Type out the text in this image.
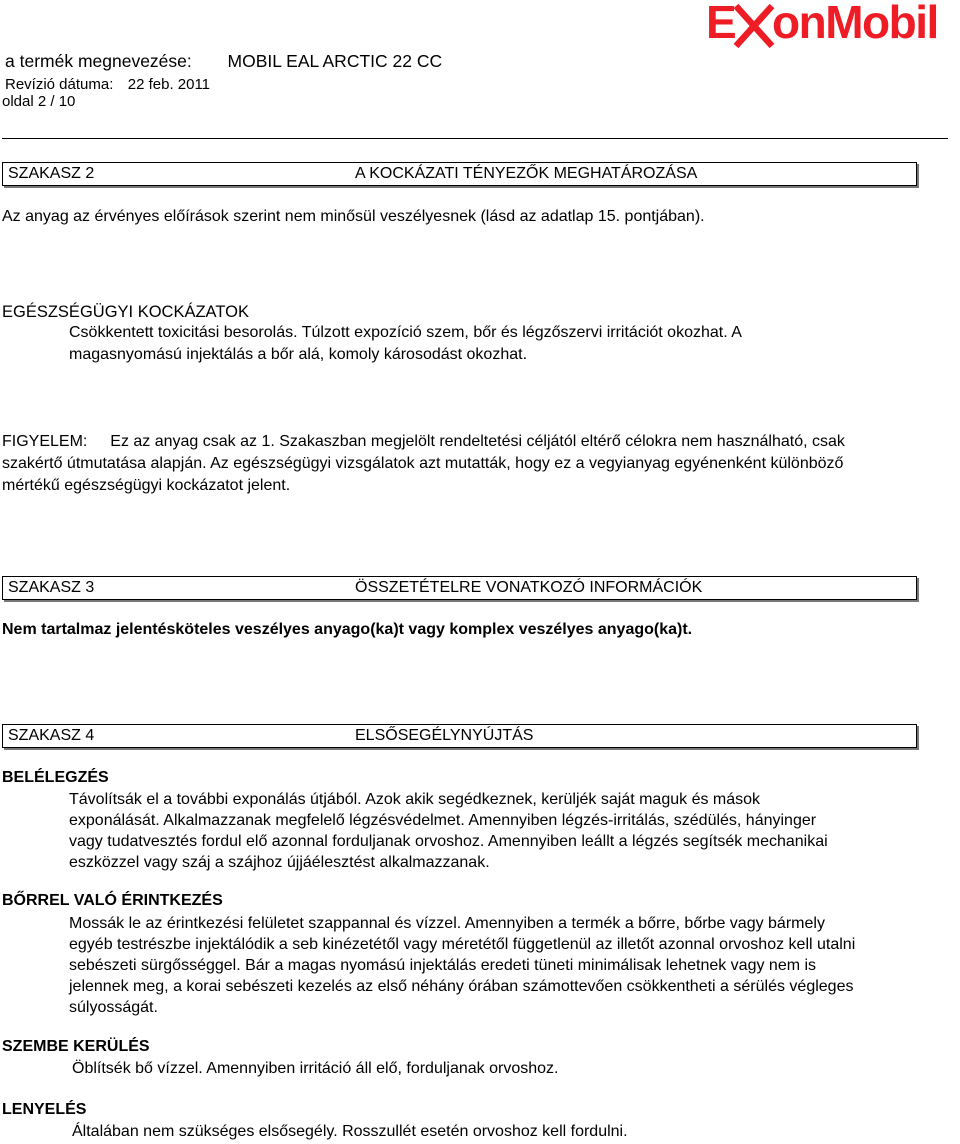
a termék megnevezése: MOBIL EAL ARCTIC 22 CC
Revízió dátuma: 22 feb. 2011
oldal 2 / 10
E onMobil
SZAKASZ 2	A KOCKÁZATI TÉNYEZŐK MEGHATÁROZÁSA
Az anyag az érvényes előírások szerint nem minősül veszélyesnek (lásd az adatlap 15. pontjában).
EGÉSZSÉGÜGYI KOCKÁZATOK
Csökkentett toxicitási besorolás. Túlzott expozíció szem, bőr és légzőszervi irritációt okozhat. A
magasnyomású injektálás a bőr alá, komoly károsodást okozhat.
FIGYELEM: Ez az anyag csak az 1. Szakaszban megjelölt rendeltetési céljától eltérő célokra nem használható, csak
szakértő útmutatása alapján. Az egészségügyi vizsgálatok azt mutatták, hogy ez a vegyianyag egyénenként különböző
mértékű egészségügyi kockázatot jelent.
SZAKASZ 3	ÖSSZETÉTELRE VONATKOZÓ INFORMÁCIÓK
Nem tartalmaz jelentésköteles veszélyes anyago(ka)t vagy komplex veszélyes anyago(ka)t.
SZAKASZ 4	ELSŐSEGÉLYNYÚJTÁS
BELÉLEGZÉS
Távolítsák el a további exponálás útjából. Azok akik segédkeznek, kerüljék saját maguk és mások
exponálását. Alkalmazzanak megfelelő légzésvédelmet. Amennyiben légzés-irritálás, szédülés, hányinger
vagy tudatvesztés fordul elő azonnal forduljanak orvoshoz. Amennyiben leállt a légzés segítsék mechanikai
eszközzel vagy száj a szájhoz újjáélesztést alkalmazzanak.
BŐRREL VALÓ ÉRINTKEZÉS
Mossák le az érintkezési felületet szappannal és vízzel. Amennyiben a termék a bőrre, bőrbe vagy bármely
egyéb testrészbe injektálódik a seb kinézetétől vagy méretétől függetlenül az illetőt azonnal orvoshoz kell utalni
sebészeti sürgősséggel. Bár a magas nyomású injektálás eredeti tüneti minimálisak lehetnek vagy nem is
jelennek meg, a korai sebészeti kezelés az első néhány órában számottevően csökkentheti a sérülés végleges
súlyosságát.
SZEMBE KERÜLÉS
Öblítsék bő vízzel. Amennyiben irritáció áll elő, forduljanak orvoshoz.
LENYELÉS
Általában nem szükséges elsősegély. Rosszullét esetén orvoshoz kell fordulni.
